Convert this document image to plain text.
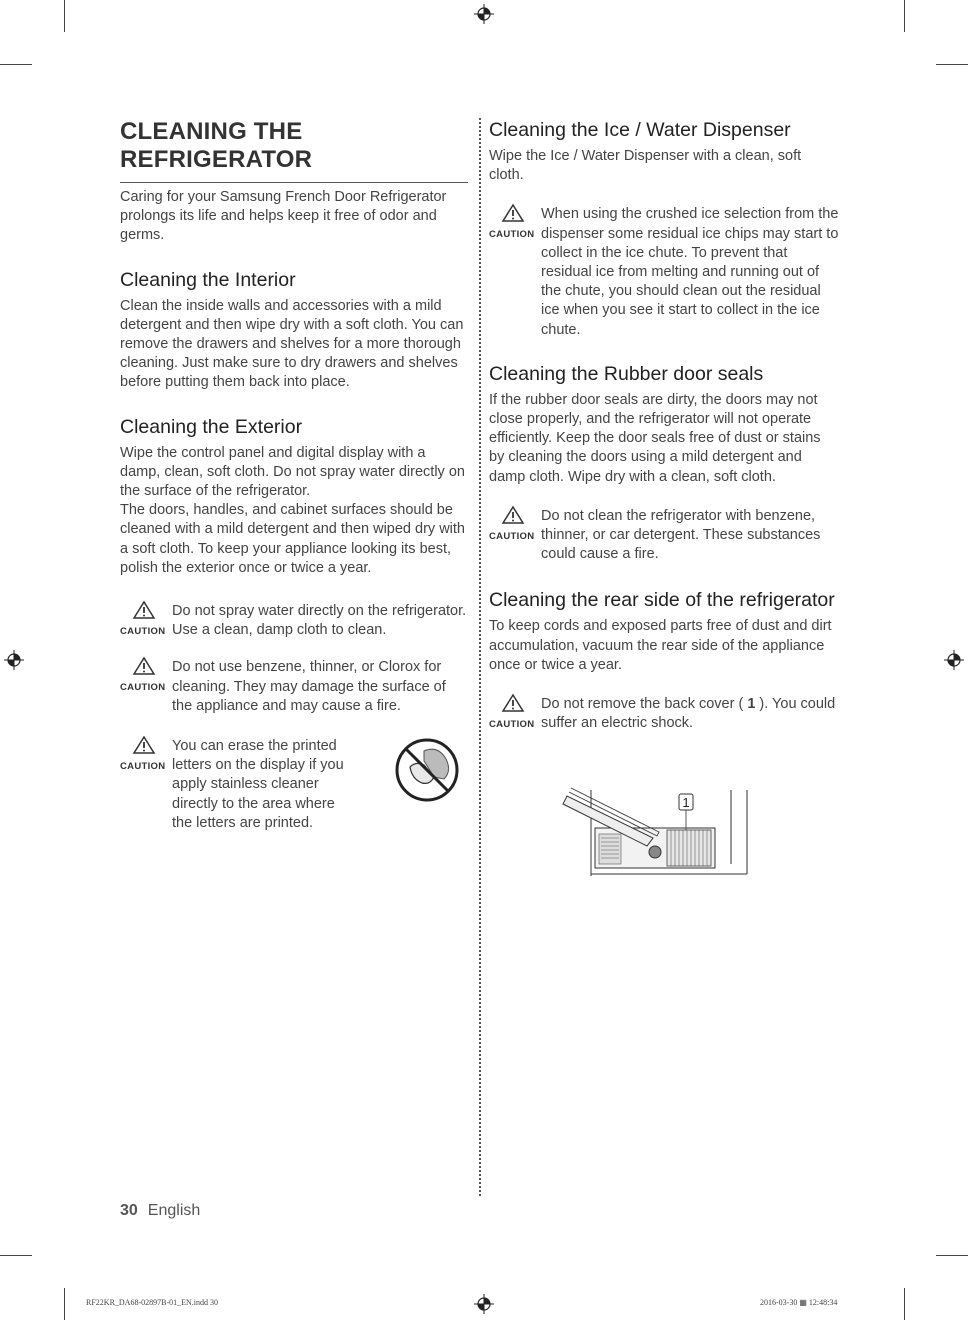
CLEANING THE REFRIGERATOR

Caring for your Samsung French Door Refrigerator prolongs its life and helps keep it free of odor and germs.

Cleaning the Interior

Clean the inside walls and accessories with a mild detergent and then wipe dry with a soft cloth. You can remove the drawers and shelves for a more thorough cleaning. Just make sure to dry drawers and shelves before putting them back into place.

Cleaning the Exterior

Wipe the control panel and digital display with a damp, clean, soft cloth. Do not spray water directly on the surface of the refrigerator.

The doors, handles, and cabinet surfaces should be cleaned with a mild detergent and then wiped dry with a soft cloth. To keep your appliance looking its best, polish the exterior once or twice a year.

CAUTION
Do not spray water directly on the refrigerator. Use a clean, damp cloth to clean.
CAUTION
Do not use benzene, thinner, or Clorox for cleaning. They may damage the surface of the appliance and may cause a fire.
CAUTION
You can erase the printed letters on the display if you apply stainless cleaner directly to the area where the letters are printed.
Cleaning the Ice / Water Dispenser

Wipe the Ice / Water Dispenser with a clean, soft cloth.

CAUTION
When using the crushed ice selection from the dispenser some residual ice chips may start to collect in the ice chute. To prevent that residual ice from melting and running out of the chute, you should clean out the residual ice when you see it start to collect in the ice chute.
Cleaning the Rubber door seals

If the rubber door seals are dirty, the doors may not close properly, and the refrigerator will not operate efficiently. Keep the door seals free of dust or stains by cleaning the doors using a mild detergent and damp cloth. Wipe dry with a clean, soft cloth.

CAUTION
Do not clean the refrigerator with benzene, thinner, or car detergent. These substances could cause a fire.
Cleaning the rear side of the refrigerator

To keep cords and exposed parts free of dust and dirt accumulation, vacuum the rear side of the appliance once or twice a year.

CAUTION
Do not remove the back cover ( 1 ). You could suffer an electric shock.
1
30 English
RF22KR_DA68-02897B-01_EN.indd 30	2016-03-30 ▦ 12:48:34
